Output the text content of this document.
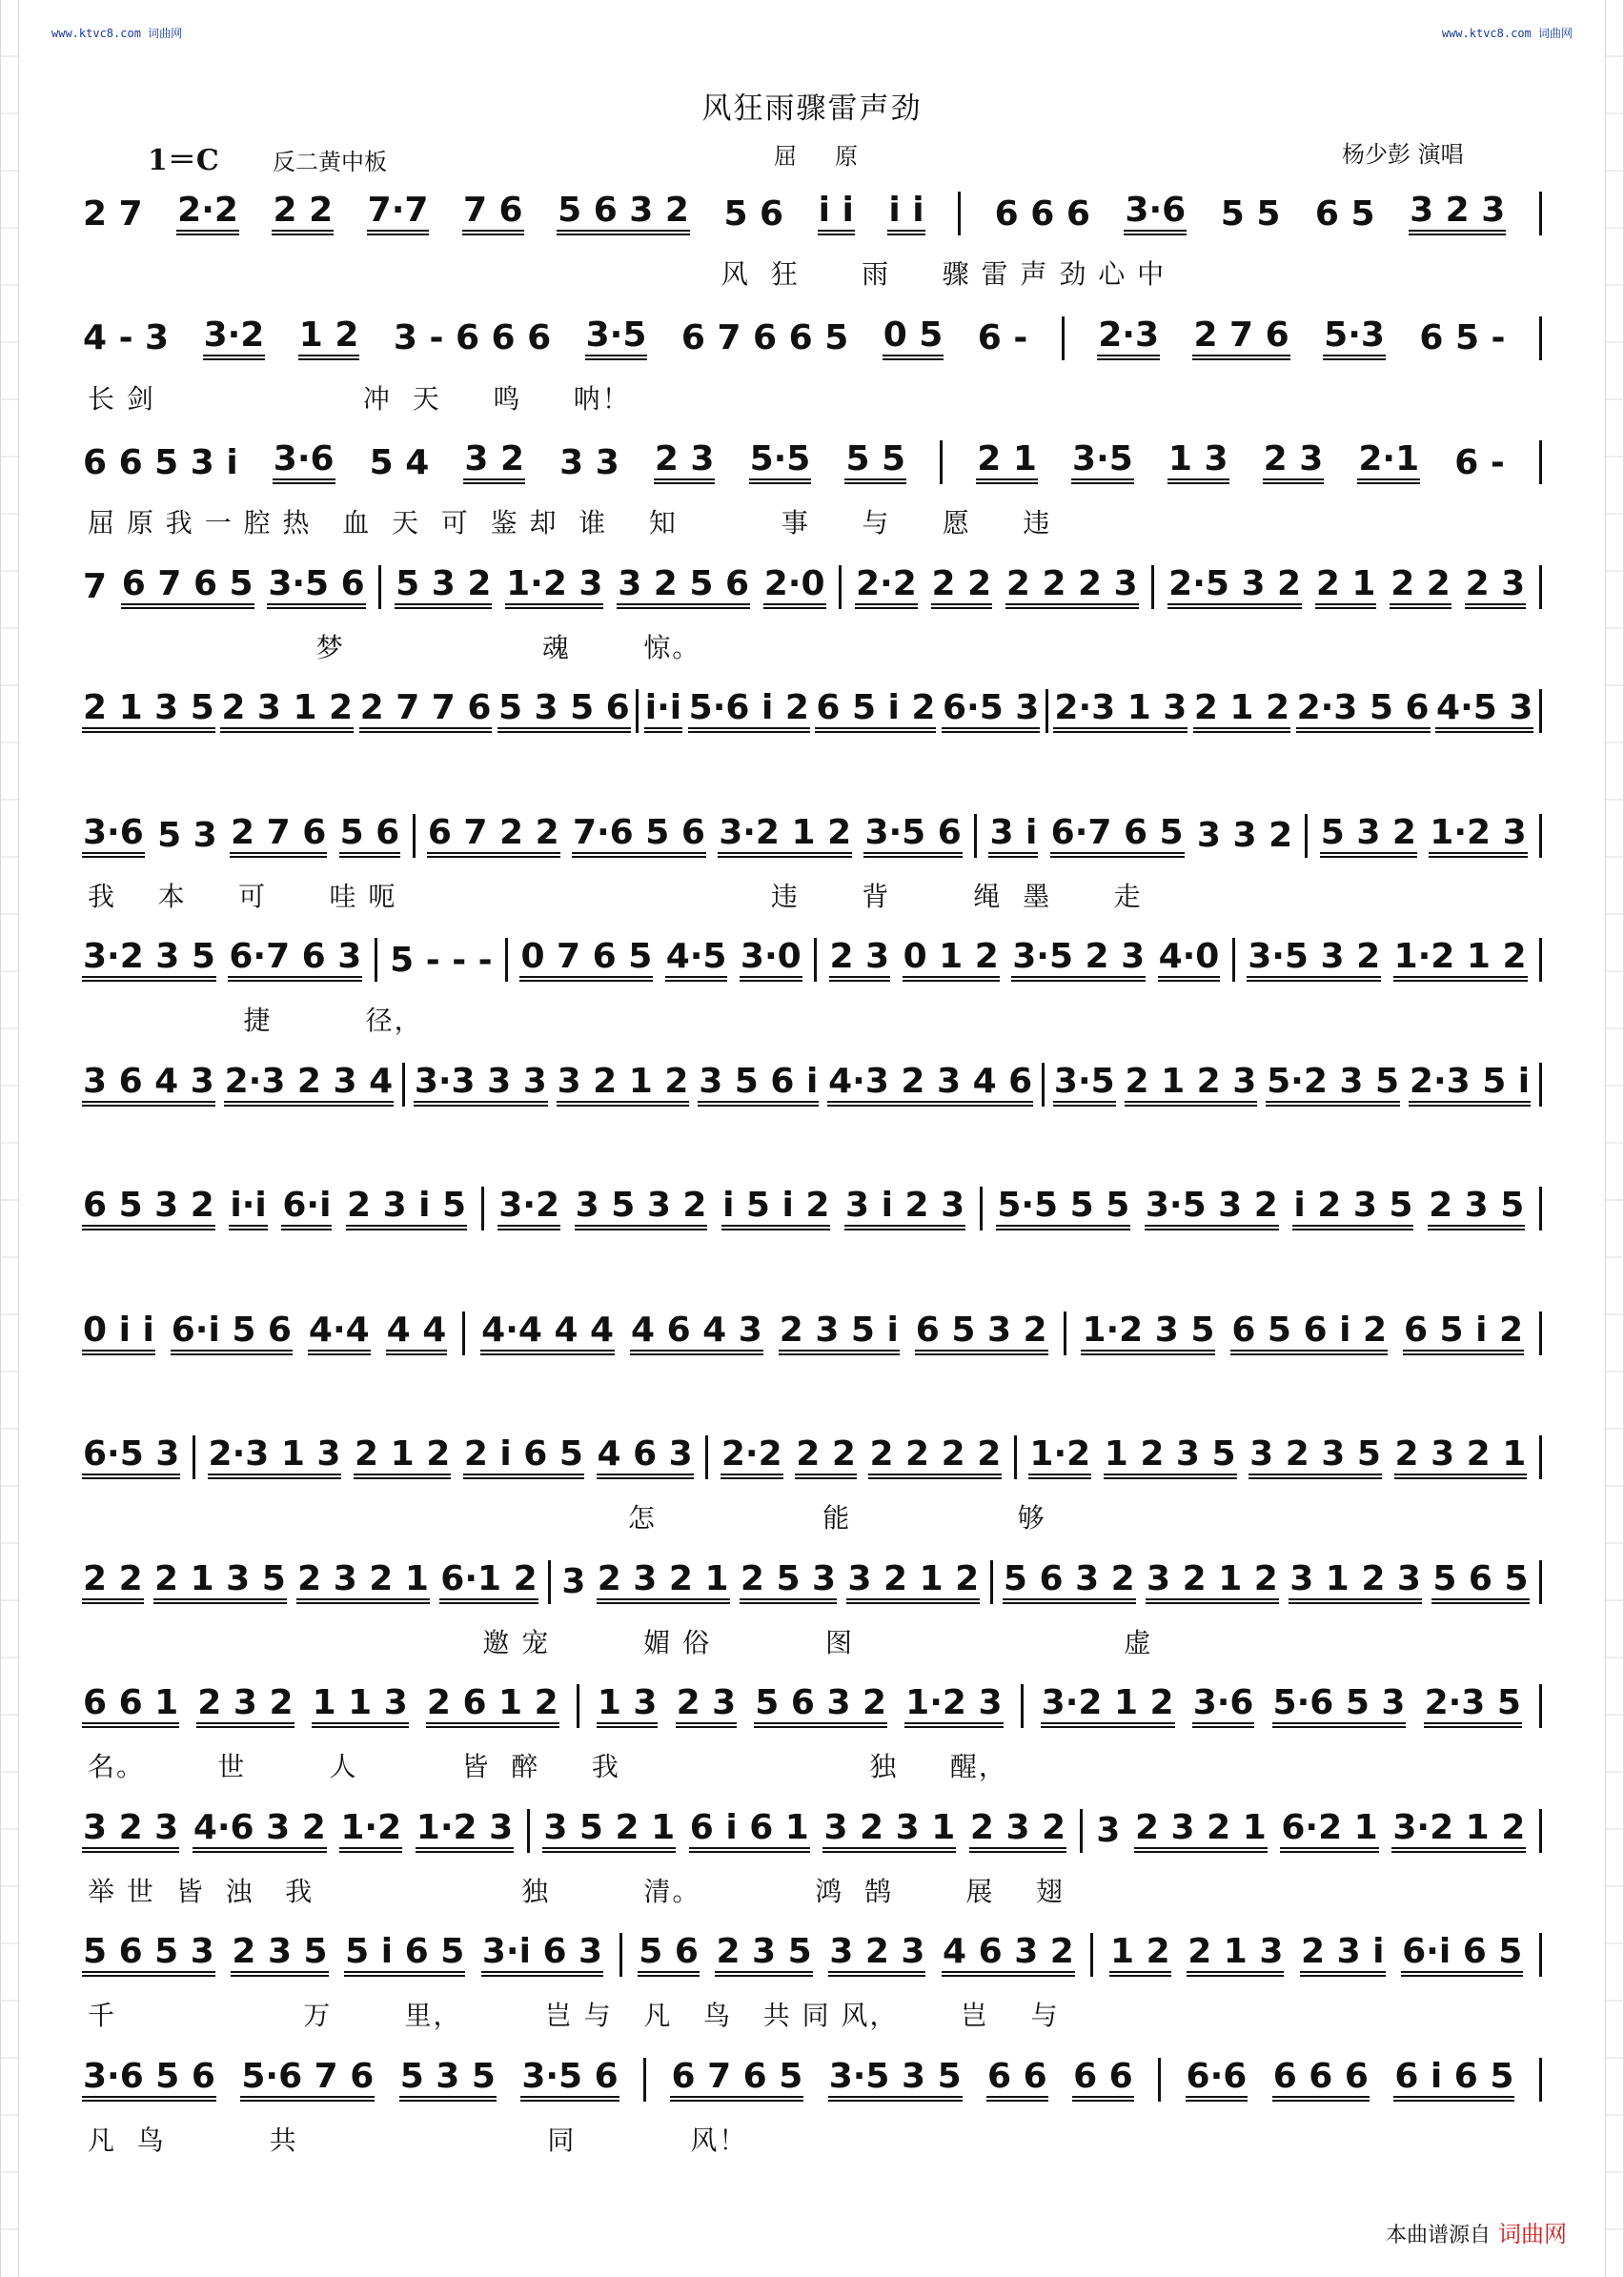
www.ktvc8.com 词曲网	www.ktvc8.com 词曲网
风狂雨骤雷声劲
1＝C 反二黄中板	屈原	杨少彭 演唱
2 7 2·2 2 2 7·7 7 6 5 6 3 2 5 6 i i i i 6 6 6 3·6 5 5 6 5 3 2 3
风  狂      雨     骤 雷 声 劲 心 中
4 - 3 3·2 1 2 3 - 6 6 6 3·5 6 7 6 6 5 0 5 6 - 2·3 2 7 6 5·3 6 5 -
长 剑                    冲  天     鸣     呐！
6 6 5 3 i 3·6 5 4 3 2 3 3 2 3 5·5 5 5 2 1 3·5 1 3 2 3 2·1 6 -
屈 原 我 一 腔 热   血  天  可  鉴 却  谁    知          事     与     愿     违
7 6 7 6 5 3·5 6 5 3 2 1·2 3 3 2 5 6 2·0 2·2 2 2 2 2 2 3 2·5 3 2 2 1 2 2 2 3
梦                   魂       惊。
2 1 3 5 2 3 1 2 2 7 7 6 5 3 5 6 i·i 5·6 i 2 6 5 i 2 6·5 3 2·3 1 3 2 1 2 2·3 5 6 4·5 3
3·6 5 3 2 7 6 5 6 6 7 2 2 7·6 5 6 3·2 1 2 3·5 6 3 i 6·7 6 5 3 3 2 5 3 2 1·2 3
我    本     可      哇 呃                                    违      背        绳  墨      走
3·2 3 5 6·7 6 3 5 - - - 0 7 6 5 4·5 3·0 2 3 0 1 2 3·5 2 3 4·0 3·5 3 2 1·2 1 2
捷         径，
3 6 4 3 2·3 2 3 4 3·3 3 3 3 2 1 2 3 5 6 i 4·3 2 3 4 6 3·5 2 1 2 3 5·2 3 5 2·3 5 i
6 5 3 2 i·i 6·i 2 3 i 5 3·2 3 5 3 2 i 5 i 2 3 i 2 3 5·5 5 5 3·5 3 2 i 2 3 5 2 3 5
0 i i 6·i 5 6 4·4 4 4 4·4 4 4 4 6 4 3 2 3 5 i 6 5 3 2 1·2 3 5 6 5 6 i 2 6 5 i 2
6·5 3 2·3 1 3 2 1 2 2 i 6 5 4 6 3 2·2 2 2 2 2 2 2 1·2 1 2 3 5 3 2 3 5 2 3 2 1
怎                能                够
2 2 2 1 3 5 2 3 2 1 6·1 2 3 2 3 2 1 2 5 3 3 2 1 2 5 6 3 2 3 2 1 2 3 1 2 3 5 6 5
邀 宠         媚 俗           图                          虚
6 6 1 2 3 2 1 1 3 2 6 1 2 1 3 2 3 5 6 3 2 1·2 3 3·2 1 2 3·6 5·6 5 3 2·3 5
名。       世        人          皆  醉     我                        独     醒，
3 2 3 4·6 3 2 1·2 1·2 3 3 5 2 1 6 i 6 1 3 2 3 1 2 3 2 3 2 3 2 1 6·2 1 3·2 1 2
举 世  皆  浊   我                    独         清。           鸿  鹄       展    翅
5 6 5 3 2 3 5 5 i 6 5 3·i 6 3 5 6 2 3 5 3 2 3 4 6 3 2 1 2 2 1 3 2 3 i 6·i 6 5
千                  万       里，        岂 与   凡   鸟   共 同 风，      岂    与
3·6 5 6 5·6 7 6 5 3 5 3·5 6 6 7 6 5 3·5 3 5 6 6 6 6 6·6 6 6 6 6 i 6 5
凡  鸟          共                        同           风！
本曲谱源自 词曲网
